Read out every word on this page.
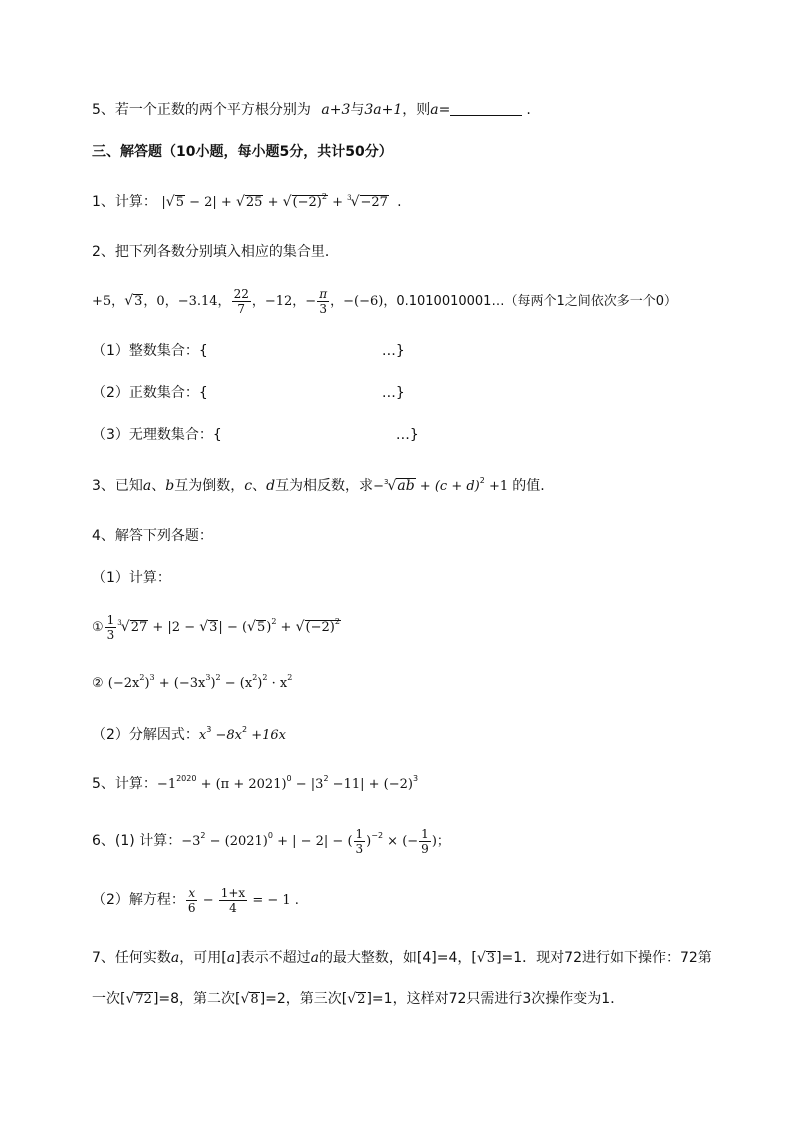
5、若一个正数的两个平方根分别为 a+3与3a+1，则a=	.
三、解答题（10小题，每小题5分，共计50分）
1、计算： $|√5 - 2| + √25 + √(-2)^2 + ^3√-27$ .
2、把下列各数分别填入相应的集合里．
+5，√3，0，−3.14， $\frac{22}{7}$ ，−12，− $\frac{\pi}{3}$ ，−(−6)，0.1010010001…（每两个1之间依次多一个0）
（1）整数集合：{	…}
（2）正数集合：{	…}
（3）无理数集合：{	…}
3、已知a、b互为倒数，c、d互为相反数，求$-^3√ab + (c + d)^2 +1$ 的值.
4、解答下列各题：
（1）计算：
① $\frac{1}{3} ^3√27 + |2 - √3| - (√5)^2 + √(-2)^2$
② $(-2x^2)^3 + (-3x^3)^2 - (x^2)^2 \cdot x^2$
（2）分解因式：$x^3 -8x^2 +16x$
5、计算：$-1^{2020} + (\pi + 2021)^0 - |3^2 -11| + (-2)^3$
6、(1) 计算：$-3^2 - (2021)^0$ + | − 2| − ( $\frac{1}{3} )^{-2}$ × (− $\frac{1}{9}$ )；
（2）解方程： $\frac{x}{6} - \frac{1+x}{4}$ = − 1 .
7、任何实数a，可用[a]表示不超过a的最大整数，如[4]=4，[√3]=1．现对72进行如下操作：72第
一次[√72]=8，第二次[√8]=2，第三次[√2]=1，这样对72只需进行3次操作变为1．
